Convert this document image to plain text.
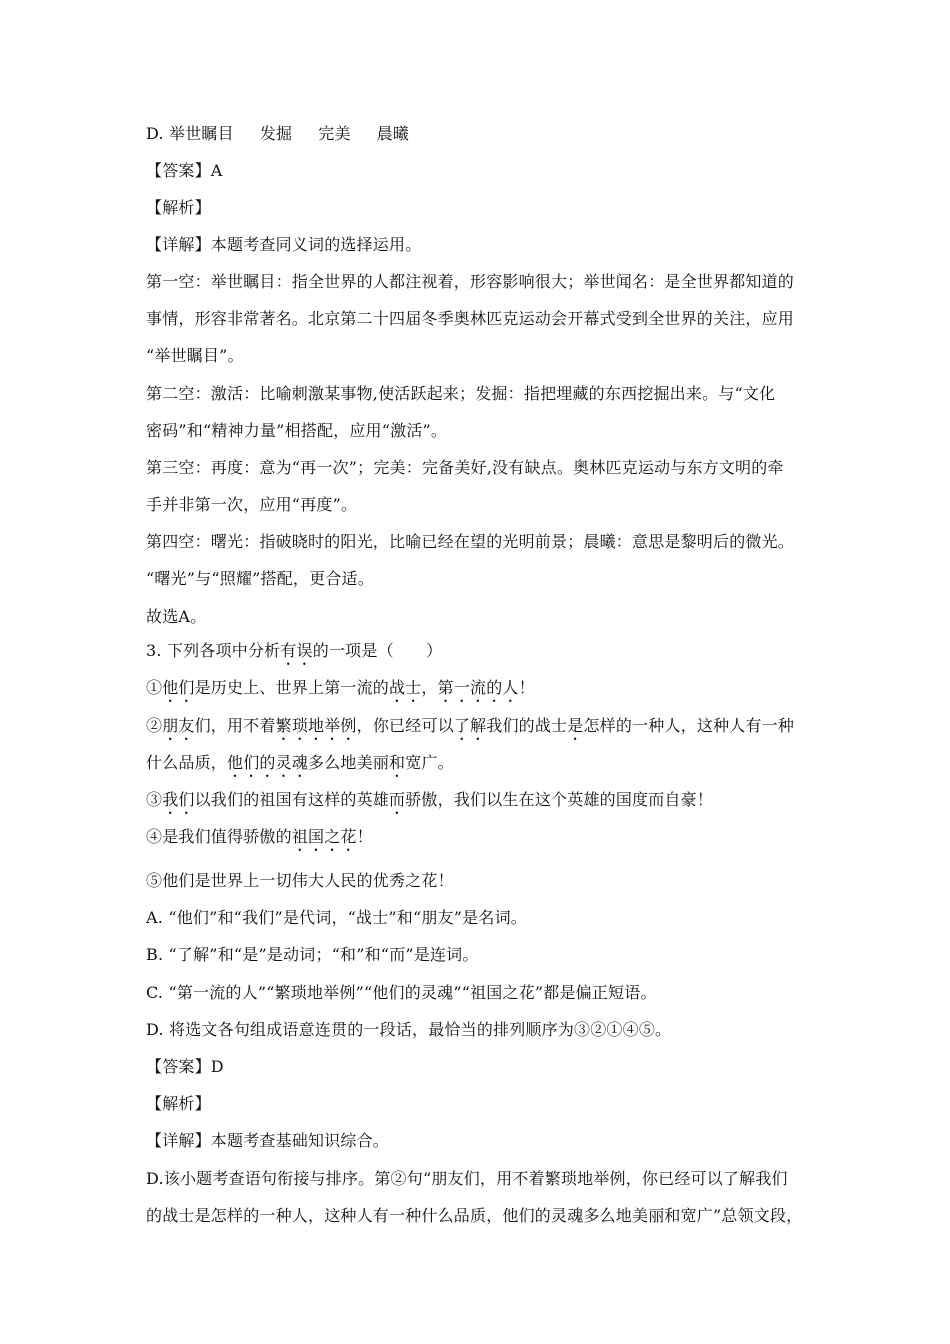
D. 举世瞩目 发掘 完美 晨曦
【答案】A
【解析】
【详解】本题考查同义词的选择运用。
第一空：举世瞩目：指全世界的人都注视着，形容影响很大；举世闻名：是全世界都知道的
事情，形容非常著名。北京第二十四届冬季奥林匹克运动会开幕式受到全世界的关注，应用
“举世瞩目”。
第二空：激活：比喻刺激某事物,使活跃起来；发掘：指把埋藏的东西挖掘出来。与“文化
密码”和“精神力量”相搭配，应用“激活”。
第三空：再度：意为“再一次”；完美：完备美好,没有缺点。奥林匹克运动与东方文明的牵
手并非第一次，应用“再度”。
第四空：曙光：指破晓时的阳光，比喻已经在望的光明前景；晨曦：意思是黎明后的微光。
“曙光”与“照耀”搭配，更合适。
故选A。
3. 下列各项中分析有误的一项是（　　）
①他们是历史上、世界上第一流的战士，第一流的人！
②朋友们，用不着繁琐地举例，你已经可以了解我们的战士是怎样的一种人，这种人有一种
什么品质，他们的灵魂多么地美丽和宽广。
③我们以我们的祖国有这样的英雄而骄傲，我们以生在这个英雄的国度而自豪！
④是我们值得骄傲的祖国之花！
⑤他们是世界上一切伟大人民的优秀之花！
A. “他们”和“我们”是代词，“战士”和“朋友”是名词。
B. “了解”和“是”是动词；“和”和“而”是连词。
C. “第一流的人”“繁琐地举例”“他们的灵魂”“祖国之花”都是偏正短语。
D. 将选文各句组成语意连贯的一段话，最恰当的排列顺序为③②①④⑤。
【答案】D
【解析】
【详解】本题考查基础知识综合。
D.该小题考查语句衔接与排序。第②句“朋友们，用不着繁琐地举例，你已经可以了解我们
的战士是怎样的一种人，这种人有一种什么品质，他们的灵魂多么地美丽和宽广”总领文段，
